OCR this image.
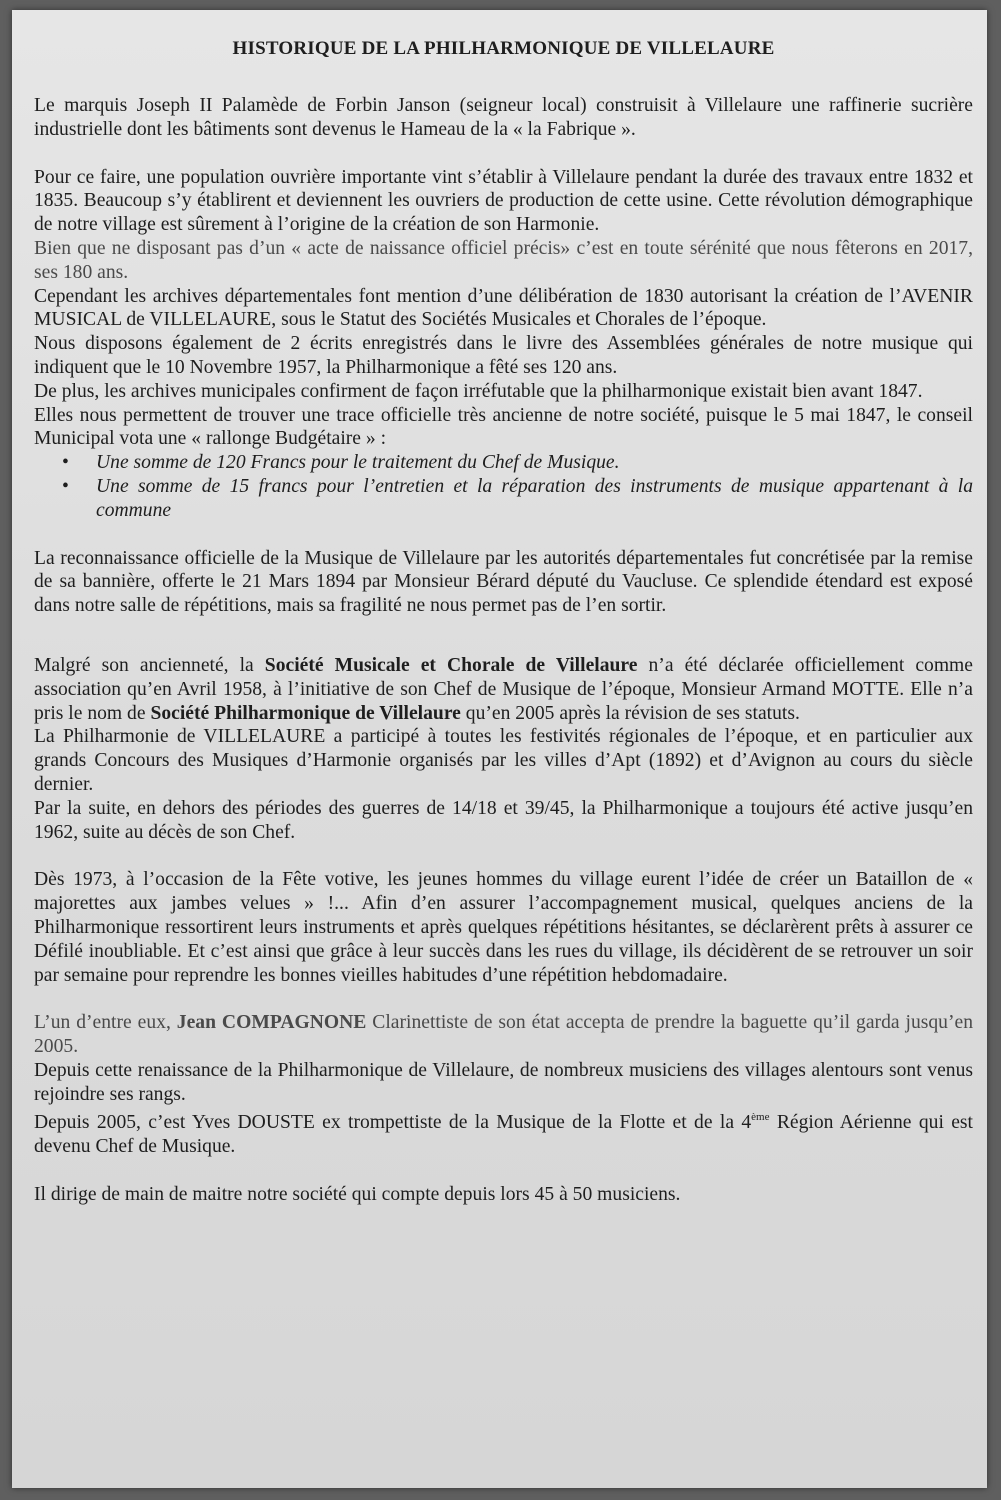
HISTORIQUE DE LA PHILHARMONIQUE DE VILLELAURE

Le marquis Joseph II Palamède de Forbin Janson (seigneur local) construisit à Villelaure une raffinerie sucrière industrielle dont les bâtiments sont devenus le Hameau de la « la Fabrique ».

Pour ce faire, une population ouvrière importante vint s’établir à Villelaure pendant la durée des travaux entre 1832 et 1835. Beaucoup s’y établirent et deviennent les ouvriers de production de cette usine. Cette révolution démographique de notre village est sûrement à l’origine de la création de son Harmonie.

Bien que ne disposant pas d’un « acte de naissance officiel précis» c’est en toute sérénité que nous fêterons en 2017, ses 180 ans.

Cependant les archives départementales font mention d’une délibération de 1830 autorisant la création de l’AVENIR MUSICAL de VILLELAURE, sous le Statut des Sociétés Musicales et Chorales de l’époque.

Nous disposons également de 2 écrits enregistrés dans le livre des Assemblées générales de notre musique qui indiquent que le 10 Novembre 1957, la Philharmonique a fêté ses 120 ans.

De plus, les archives municipales confirment de façon irréfutable que la philharmonique existait bien avant 1847.

Elles nous permettent de trouver une trace officielle très ancienne de notre société, puisque le 5 mai 1847, le conseil Municipal vota une « rallonge Budgétaire » :

• Une somme de 120 Francs pour le traitement du Chef de Musique.
• Une somme de 15 francs pour l’entretien et la réparation des instruments de musique appartenant à la commune

La reconnaissance officielle de la Musique de Villelaure par les autorités départementales fut concrétisée par la remise de sa bannière, offerte le 21 Mars 1894 par Monsieur Bérard député du Vaucluse. Ce splendide étendard est exposé dans notre salle de répétitions, mais sa fragilité ne nous permet pas de l’en sortir.

Malgré son ancienneté, la Société Musicale et Chorale de Villelaure n’a été déclarée officiellement comme association qu’en Avril 1958, à l’initiative de son Chef de Musique de l’époque, Monsieur Armand MOTTE. Elle n’a pris le nom de Société Philharmonique de Villelaure qu’en 2005 après la révision de ses statuts.

La Philharmonie de VILLELAURE a participé à toutes les festivités régionales de l’époque, et en particulier aux grands Concours des Musiques d’Harmonie organisés par les villes d’Apt (1892) et d’Avignon au cours du siècle dernier.

Par la suite, en dehors des périodes des guerres de 14/18 et 39/45, la Philharmonique a toujours été active jusqu’en 1962, suite au décès de son Chef.

Dès 1973, à l’occasion de la Fête votive, les jeunes hommes du village eurent l’idée de créer un Bataillon de « majorettes aux jambes velues » !... Afin d’en assurer l’accompagnement musical, quelques anciens de la Philharmonique ressortirent leurs instruments et après quelques répétitions hésitantes, se déclarèrent prêts à assurer ce Défilé inoubliable. Et c’est ainsi que grâce à leur succès dans les rues du village, ils décidèrent de se retrouver un soir par semaine pour reprendre les bonnes vieilles habitudes d’une répétition hebdomadaire.

L’un d’entre eux, Jean COMPAGNONE Clarinettiste de son état accepta de prendre la baguette qu’il garda jusqu’en 2005.

Depuis cette renaissance de la Philharmonique de Villelaure, de nombreux musiciens des villages alentours sont venus rejoindre ses rangs.

Depuis 2005, c’est Yves DOUSTE ex trompettiste de la Musique de la Flotte et de la 4ème Région Aérienne qui est devenu Chef de Musique.

Il dirige de main de maitre notre société qui compte depuis lors 45 à 50 musiciens.
